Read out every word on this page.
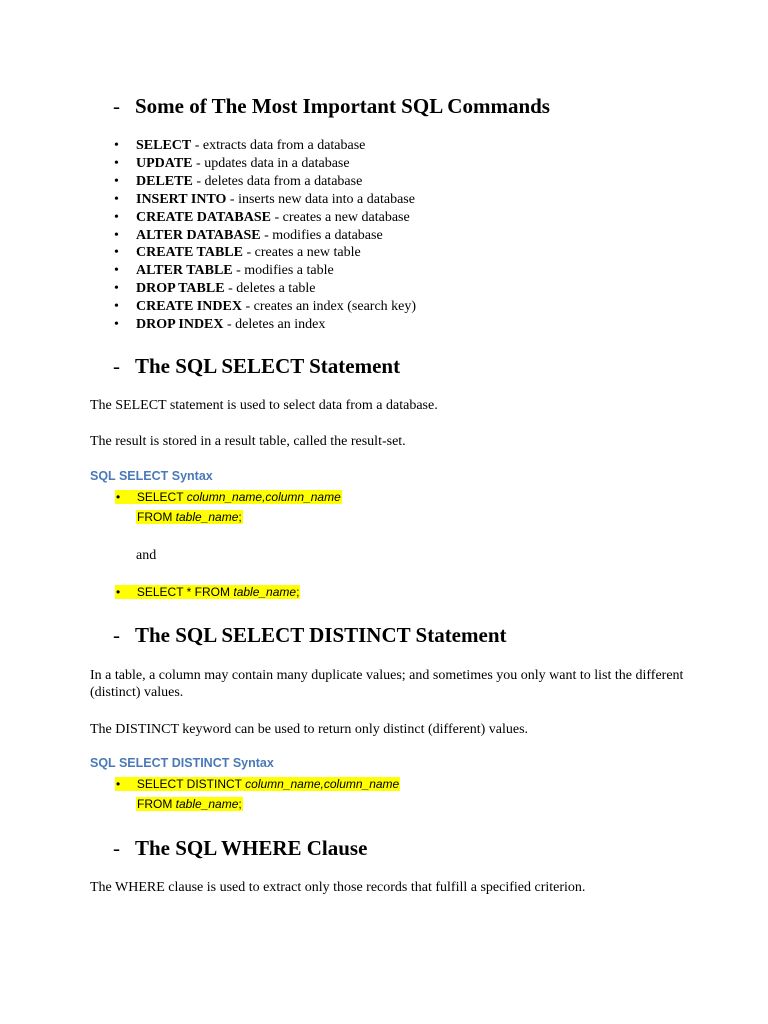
- Some of The Most Important SQL Commands
• SELECT - extracts data from a database
• UPDATE - updates data in a database
• DELETE - deletes data from a database
• INSERT INTO - inserts new data into a database
• CREATE DATABASE - creates a new database
• ALTER DATABASE - modifies a database
• CREATE TABLE - creates a new table
• ALTER TABLE - modifies a table
• DROP TABLE - deletes a table
• CREATE INDEX - creates an index (search key)
• DROP INDEX - deletes an index
- The SQL SELECT Statement

The SELECT statement is used to select data from a database.

The result is stored in a result table, called the result-set.

SQL SELECT Syntax
• SELECT column_name,column_name
FROM table_name;

and

• SELECT * FROM table_name;
- The SQL SELECT DISTINCT Statement

In a table, a column may contain many duplicate values; and sometimes you only want to list the different (distinct) values.

The DISTINCT keyword can be used to return only distinct (different) values.

SQL SELECT DISTINCT Syntax
• SELECT DISTINCT column_name,column_name
FROM table_name;
- The SQL WHERE Clause

The WHERE clause is used to extract only those records that fulfill a specified criterion.
